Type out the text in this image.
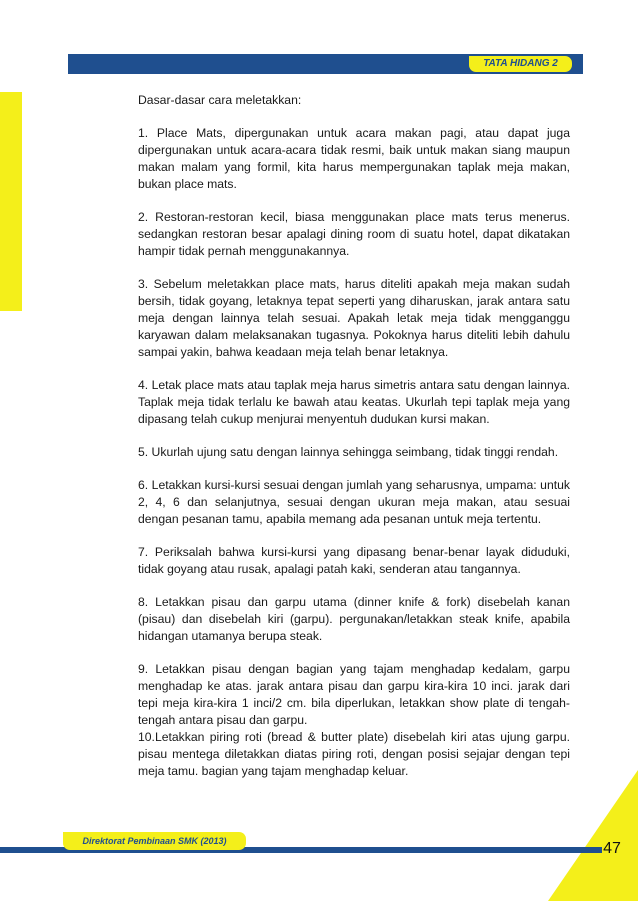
TATA HIDANG 2

Dasar-dasar cara meletakkan:

1. Place Mats, dipergunakan untuk acara makan pagi, atau dapat juga dipergunakan untuk acara-acara tidak resmi, baik untuk makan siang maupun makan malam yang formil, kita harus mempergunakan taplak meja makan, bukan place mats.

2. Restoran-restoran kecil, biasa menggunakan place mats terus menerus. sedangkan restoran besar apalagi dining room di suatu hotel, dapat dikatakan hampir tidak pernah menggunakannya.

3. Sebelum meletakkan place mats, harus diteliti apakah meja makan sudah bersih, tidak goyang, letaknya tepat seperti yang diharuskan, jarak antara satu meja dengan lainnya telah sesuai. Apakah letak meja tidak mengganggu karyawan dalam melaksanakan tugasnya. Pokoknya harus diteliti lebih dahulu sampai yakin, bahwa keadaan meja telah benar letaknya.

4. Letak place mats atau taplak meja harus simetris antara satu dengan lainnya. Taplak meja tidak terlalu ke bawah atau keatas. Ukurlah tepi taplak meja yang dipasang telah cukup menjurai menyentuh dudukan kursi makan.

5. Ukurlah ujung satu dengan lainnya sehingga seimbang, tidak tinggi rendah.

6. Letakkan kursi-kursi sesuai dengan jumlah yang seharusnya, umpama: untuk 2, 4, 6 dan selanjutnya, sesuai dengan ukuran meja makan, atau sesuai dengan pesanan tamu, apabila memang ada pesanan untuk meja tertentu.

7. Periksalah bahwa kursi-kursi yang dipasang benar-benar layak diduduki, tidak goyang atau rusak, apalagi patah kaki, senderan atau tangannya.

8. Letakkan pisau dan garpu utama (dinner knife & fork) disebelah kanan (pisau) dan disebelah kiri (garpu). pergunakan/letakkan steak knife, apabila hidangan utamanya berupa steak.

9. Letakkan pisau dengan bagian yang tajam menghadap kedalam, garpu menghadap ke atas. jarak antara pisau dan garpu kira-kira 10 inci. jarak dari tepi meja kira-kira 1 inci/2 cm. bila diperlukan, letakkan show plate di tengah- tengah antara pisau dan garpu.

10.Letakkan piring roti (bread & butter plate) disebelah kiri atas ujung garpu. pisau mentega diletakkan diatas piring roti, dengan posisi sejajar dengan tepi meja tamu. bagian yang tajam menghadap keluar.

Direktorat Pembinaan SMK (2013)	47
